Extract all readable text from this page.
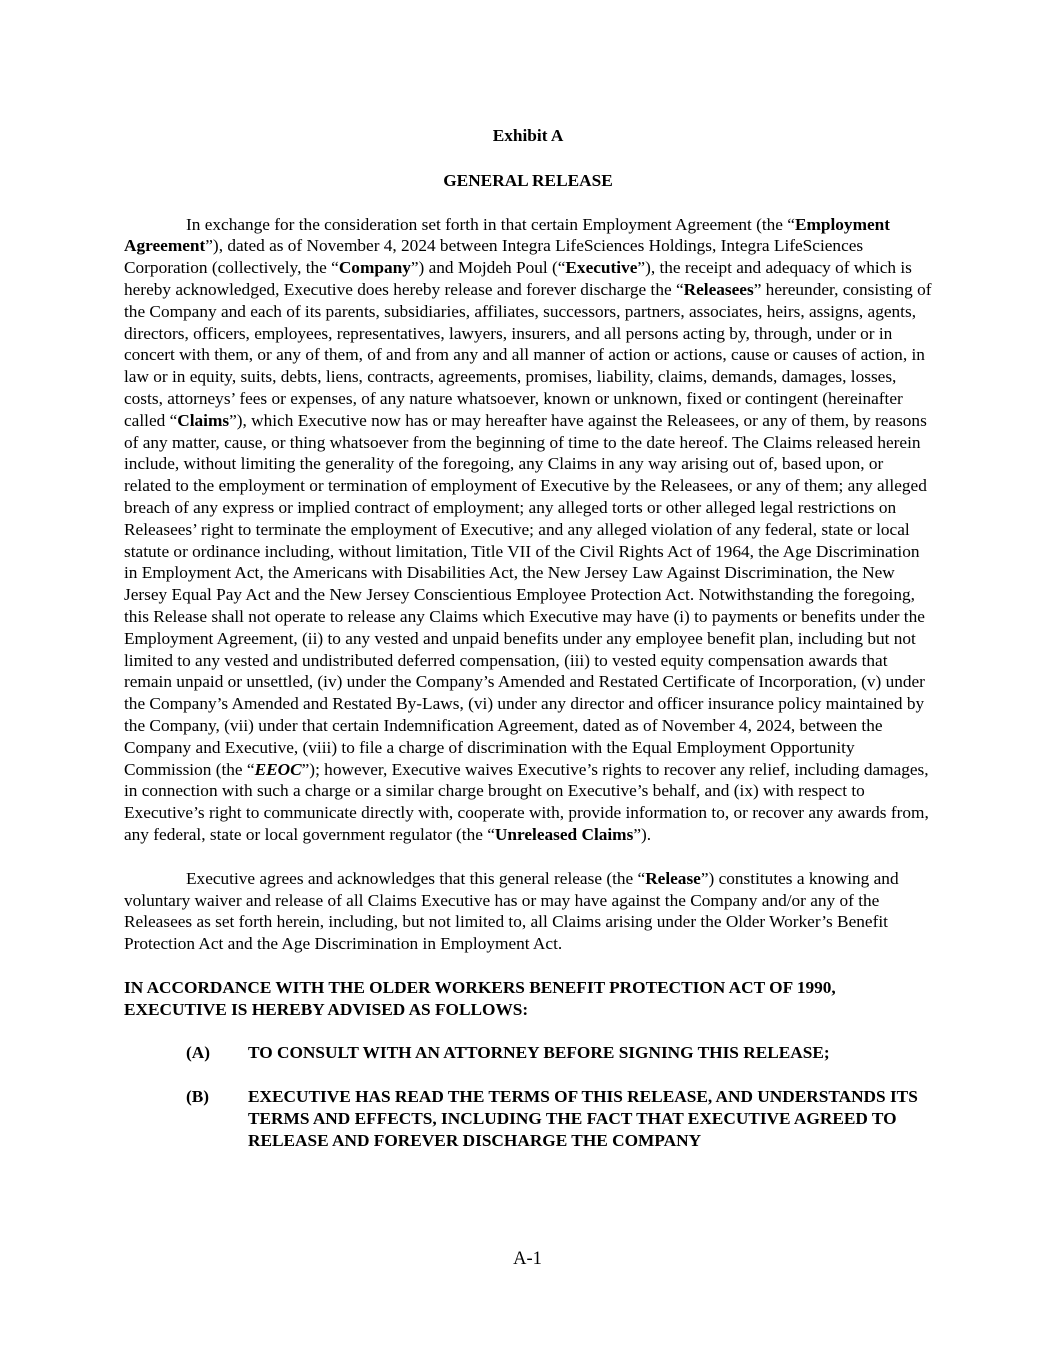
Exhibit A

GENERAL RELEASE

In exchange for the consideration set forth in that certain Employment Agreement (the “Employment Agreement”), dated as of November 4, 2024 between Integra LifeSciences Holdings, Integra LifeSciences Corporation (collectively, the “Company”) and Mojdeh Poul (“Executive”), the receipt and adequacy of which is hereby acknowledged, Executive does hereby release and forever discharge the “Releasees” hereunder, consisting of the Company and each of its parents, subsidiaries, affiliates, successors, partners, associates, heirs, assigns, agents, directors, officers, employees, representatives, lawyers, insurers, and all persons acting by, through, under or in concert with them, or any of them, of and from any and all manner of action or actions, cause or causes of action, in law or in equity, suits, debts, liens, contracts, agreements, promises, liability, claims, demands, damages, losses, costs, attorneys’ fees or expenses, of any nature whatsoever, known or unknown, fixed or contingent (hereinafter called “Claims”), which Executive now has or may hereafter have against the Releasees, or any of them, by reasons of any matter, cause, or thing whatsoever from the beginning of time to the date hereof. The Claims released herein include, without limiting the generality of the foregoing, any Claims in any way arising out of, based upon, or related to the employment or termination of employment of Executive by the Releasees, or any of them; any alleged breach of any express or implied contract of employment; any alleged torts or other alleged legal restrictions on Releasees’ right to terminate the employment of Executive; and any alleged violation of any federal, state or local statute or ordinance including, without limitation, Title VII of the Civil Rights Act of 1964, the Age Discrimination in Employment Act, the Americans with Disabilities Act, the New Jersey Law Against Discrimination, the New Jersey Equal Pay Act and the New Jersey Conscientious Employee Protection Act. Notwithstanding the foregoing, this Release shall not operate to release any Claims which Executive may have (i) to payments or benefits under the Employment Agreement, (ii) to any vested and unpaid benefits under any employee benefit plan, including but not limited to any vested and undistributed deferred compensation, (iii) to vested equity compensation awards that remain unpaid or unsettled, (iv) under the Company’s Amended and Restated Certificate of Incorporation, (v) under the Company’s Amended and Restated By-Laws, (vi) under any director and officer insurance policy maintained by the Company, (vii) under that certain Indemnification Agreement, dated as of November 4, 2024, between the Company and Executive, (viii) to file a charge of discrimination with the Equal Employment Opportunity Commission (the “EEOC”); however, Executive waives Executive’s rights to recover any relief, including damages, in connection with such a charge or a similar charge brought on Executive’s behalf, and (ix) with respect to Executive’s right to communicate directly with, cooperate with, provide information to, or recover any awards from, any federal, state or local government regulator (the “Unreleased Claims”).

Executive agrees and acknowledges that this general release (the “Release”) constitutes a knowing and voluntary waiver and release of all Claims Executive has or may have against the Company and/or any of the Releasees as set forth herein, including, but not limited to, all Claims arising under the Older Worker’s Benefit Protection Act and the Age Discrimination in Employment Act.

IN ACCORDANCE WITH THE OLDER WORKERS BENEFIT PROTECTION ACT OF 1990, EXECUTIVE IS HEREBY ADVISED AS FOLLOWS:

(A) TO CONSULT WITH AN ATTORNEY BEFORE SIGNING THIS RELEASE;

(B)	EXECUTIVE HAS READ THE TERMS OF THIS RELEASE, AND UNDERSTANDS ITS TERMS AND EFFECTS, INCLUDING THE FACT THAT EXECUTIVE AGREED TO RELEASE AND FOREVER DISCHARGE THE COMPANY

A-1
